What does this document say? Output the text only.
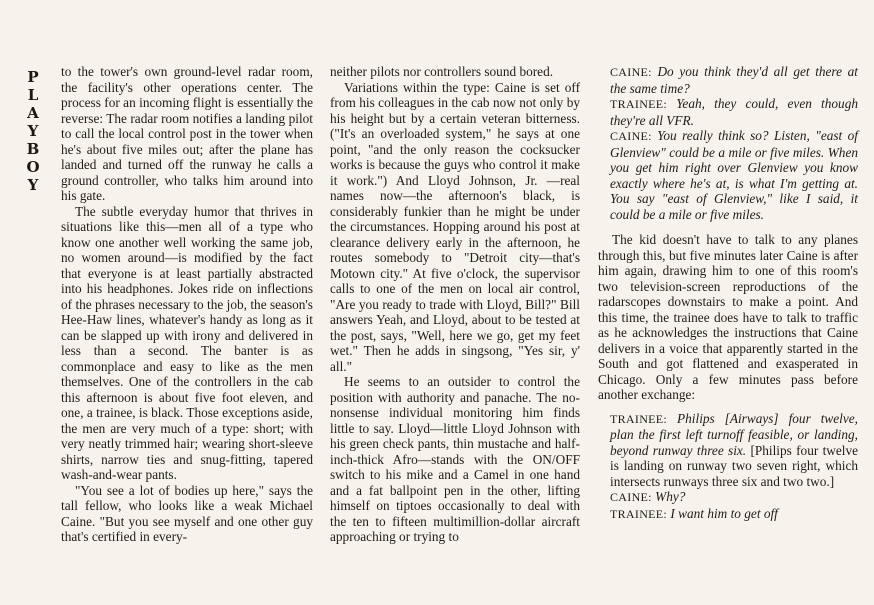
P
L
A
Y
B
O
Y

to the tower's own ground-level radar room, the facility's other operations center. The process for an incoming flight is essentially the reverse: The radar room notifies a landing pilot to call the local control post in the tower when he's about five miles out; after the plane has landed and turned off the runway he calls a ground controller, who talks him around into his gate.

The subtle everyday humor that thrives in situations like this—men all of a type who know one another well working the same job, no women around—is modified by the fact that everyone is at least partially abstracted into his headphones. Jokes ride on inflections of the phrases necessary to the job, the season's Hee-Haw lines, whatever's handy as long as it can be slapped up with irony and delivered in less than a second. The banter is as commonplace and easy to like as the men themselves. One of the controllers in the cab this afternoon is about five foot eleven, and one, a trainee, is black. Those exceptions aside, the men are very much of a type: short; with very neatly trimmed hair; wearing short-sleeve shirts, narrow ties and snug-fitting, tapered wash-and-wear pants.

"You see a lot of bodies up here," says the tall fellow, who looks like a weak Michael Caine. "But you see myself and one other guy that's certified in every-

neither pilots nor controllers sound bored.

Variations within the type: Caine is set off from his colleagues in the cab now not only by his height but by a certain veteran bitterness. ("It's an overloaded system," he says at one point, "and the only reason the cocksucker works is because the guys who control it make it work.") And Lloyd Johnson, Jr. —real names now—the afternoon's black, is considerably funkier than he might be under the circumstances. Hopping around his post at clearance delivery early in the afternoon, he routes somebody to "Detroit city—that's Motown city." At five o'clock, the supervisor calls to one of the men on local air control, "Are you ready to trade with Lloyd, Bill?" Bill answers Yeah, and Lloyd, about to be tested at the post, says, "Well, here we go, get my feet wet." Then he adds in singsong, "Yes sir, y' all."

He seems to an outsider to control the position with authority and panache. The no-nonsense individual monitoring him finds little to say. Lloyd—little Lloyd Johnson with his green check pants, thin mustache and half-inch-thick Afro—stands with the ON/OFF switch to his mike and a Camel in one hand and a fat ballpoint pen in the other, lifting himself on tiptoes occasionally to deal with the ten to fifteen multimillion-dollar aircraft approaching or trying to

CAINE: Do you think they'd all get there at the same time?

TRAINEE: Yeah, they could, even though they're all VFR.

CAINE: You really think so? Listen, "east of Glenview" could be a mile or five miles. When you get him right over Glenview you know exactly where he's at, is what I'm getting at. You say "east of Glenview," like I said, it could be a mile or five miles.

The kid doesn't have to talk to any planes through this, but five minutes later Caine is after him again, drawing him to one of this room's two television-screen reproductions of the radarscopes downstairs to make a point. And this time, the trainee does have to talk to traffic as he acknowledges the instructions that Caine delivers in a voice that apparently started in the South and got flattened and exasperated in Chicago. Only a few minutes pass before another exchange:

TRAINEE: Philips [Airways] four twelve, plan the first left turnoff feasible, or landing, beyond runway three six. [Philips four twelve is landing on runway two seven right, which intersects runways three six and two two.]

CAINE: Why?

TRAINEE: I want him to get off
